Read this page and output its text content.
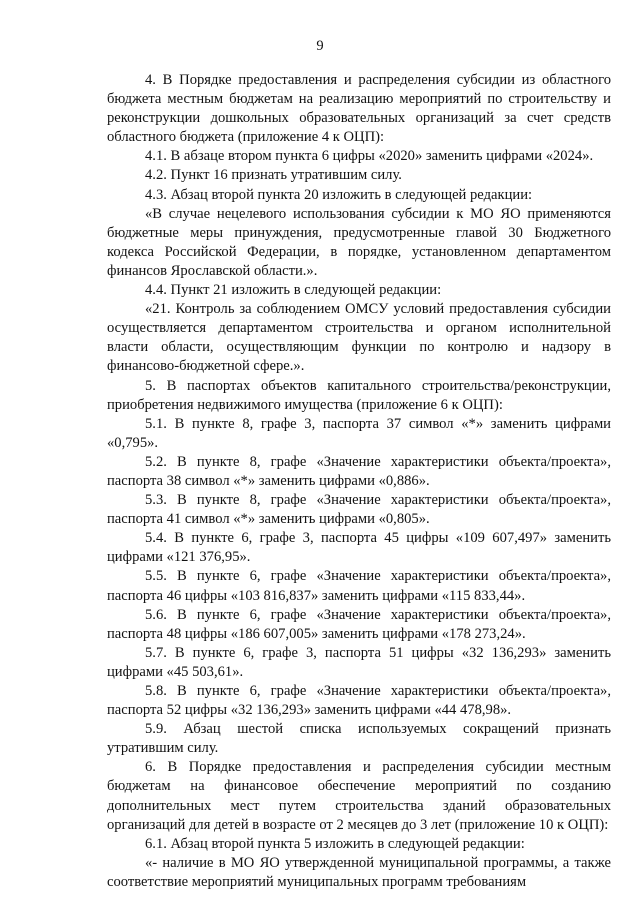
9

4. В Порядке предоставления и распределения субсидии из областного бюджета местным бюджетам на реализацию мероприятий по строительству и реконструкции дошкольных образовательных организаций за счет средств областного бюджета (приложение 4 к ОЦП):

4.1. В абзаце втором пункта 6 цифры «2020» заменить цифрами «2024».

4.2. Пункт 16 признать утратившим силу.

4.3. Абзац второй пункта 20 изложить в следующей редакции:

«В случае нецелевого использования субсидии к МО ЯО применяются бюджетные меры принуждения, предусмотренные главой 30 Бюджетного кодекса Российской Федерации, в порядке, установленном департаментом финансов Ярославской области.».

4.4. Пункт 21 изложить в следующей редакции:

«21. Контроль за соблюдением ОМСУ условий предоставления субсидии осуществляется департаментом строительства и органом исполнительной власти области, осуществляющим функции по контролю и надзору в финансово-бюджетной сфере.».

5. В паспортах объектов капитального строительства/реконструкции, приобретения недвижимого имущества (приложение 6 к ОЦП):

5.1. В пункте 8, графе 3, паспорта 37 символ «*» заменить цифрами «0,795».

5.2. В пункте 8, графе «Значение характеристики объекта/проекта», паспорта 38 символ «*» заменить цифрами «0,886».

5.3. В пункте 8, графе «Значение характеристики объекта/проекта», паспорта 41 символ «*» заменить цифрами «0,805».

5.4. В пункте 6, графе 3, паспорта 45 цифры «109 607,497» заменить цифрами «121 376,95».

5.5. В пункте 6, графе «Значение характеристики объекта/проекта», паспорта 46 цифры «103 816,837» заменить цифрами «115 833,44».

5.6. В пункте 6, графе «Значение характеристики объекта/проекта», паспорта 48 цифры «186 607,005» заменить цифрами «178 273,24».

5.7. В пункте 6, графе 3, паспорта 51 цифры «32 136,293» заменить цифрами «45 503,61».

5.8. В пункте 6, графе «Значение характеристики объекта/проекта», паспорта 52 цифры «32 136,293» заменить цифрами «44 478,98».

5.9. Абзац шестой списка используемых сокращений признать утратившим силу.

6. В Порядке предоставления и распределения субсидии местным бюджетам на финансовое обеспечение мероприятий по созданию дополнительных мест путем строительства зданий образовательных организаций для детей в возрасте от 2 месяцев до 3 лет (приложение 10 к ОЦП):

6.1. Абзац второй пункта 5 изложить в следующей редакции:

«- наличие в МО ЯО утвержденной муниципальной программы, а также соответствие мероприятий муниципальных программ требованиям
